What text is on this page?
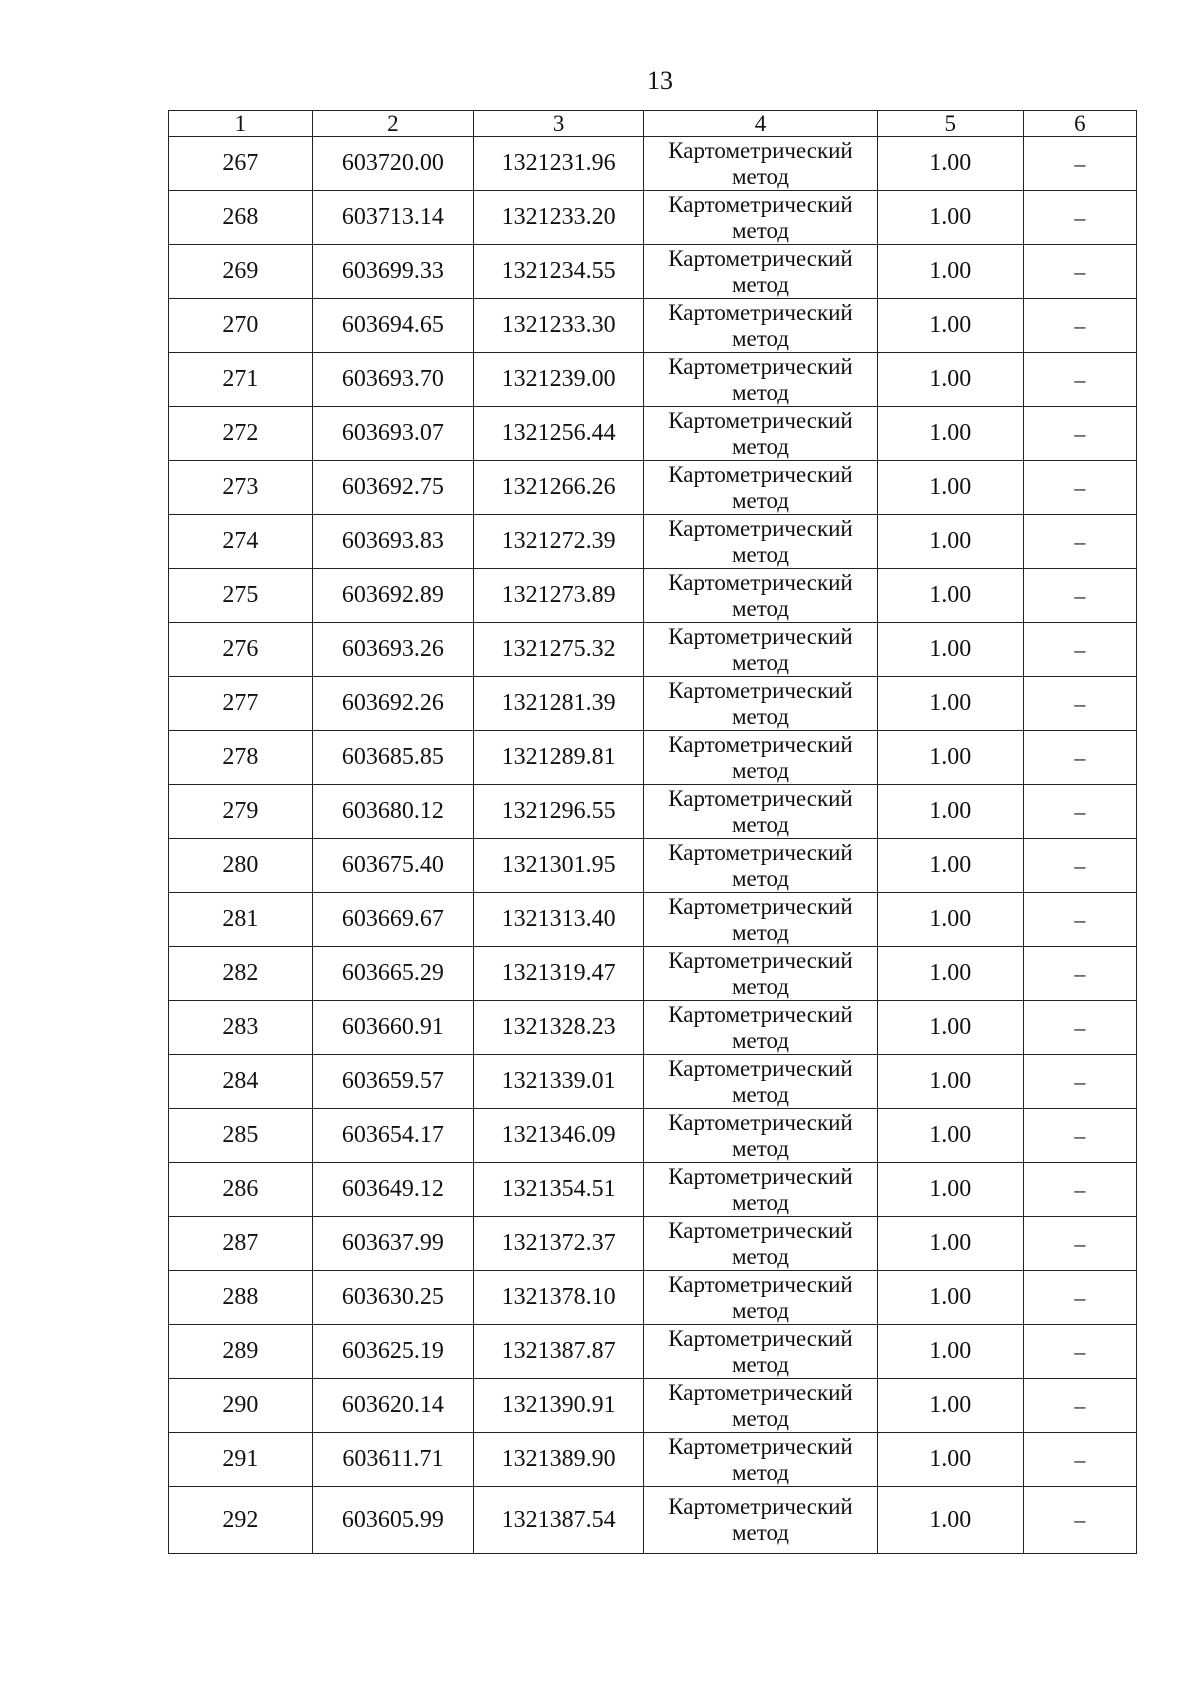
13
1	2	3	4	5	6
267	603720.00	1321231.96	Картометрический метод	1.00	–
268	603713.14	1321233.20	Картометрический метод	1.00	–
269	603699.33	1321234.55	Картометрический метод	1.00	–
270	603694.65	1321233.30	Картометрический метод	1.00	–
271	603693.70	1321239.00	Картометрический метод	1.00	–
272	603693.07	1321256.44	Картометрический метод	1.00	–
273	603692.75	1321266.26	Картометрический метод	1.00	–
274	603693.83	1321272.39	Картометрический метод	1.00	–
275	603692.89	1321273.89	Картометрический метод	1.00	–
276	603693.26	1321275.32	Картометрический метод	1.00	–
277	603692.26	1321281.39	Картометрический метод	1.00	–
278	603685.85	1321289.81	Картометрический метод	1.00	–
279	603680.12	1321296.55	Картометрический метод	1.00	–
280	603675.40	1321301.95	Картометрический метод	1.00	–
281	603669.67	1321313.40	Картометрический метод	1.00	–
282	603665.29	1321319.47	Картометрический метод	1.00	–
283	603660.91	1321328.23	Картометрический метод	1.00	–
284	603659.57	1321339.01	Картометрический метод	1.00	–
285	603654.17	1321346.09	Картометрический метод	1.00	–
286	603649.12	1321354.51	Картометрический метод	1.00	–
287	603637.99	1321372.37	Картометрический метод	1.00	–
288	603630.25	1321378.10	Картометрический метод	1.00	–
289	603625.19	1321387.87	Картометрический метод	1.00	–
290	603620.14	1321390.91	Картометрический метод	1.00	–
291	603611.71	1321389.90	Картометрический метод	1.00	–
292	603605.99	1321387.54	Картометрический метод	1.00	–
